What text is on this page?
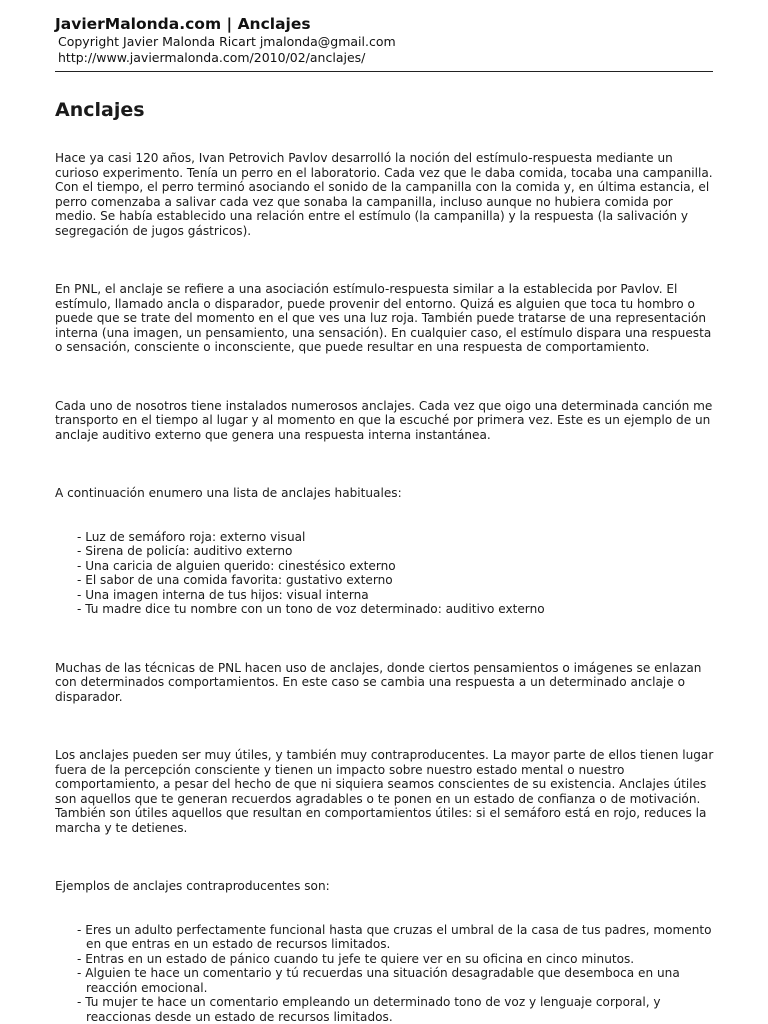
JavierMalonda.com | Anclajes
Copyright Javier Malonda Ricart jmalonda@gmail.com
http://www.javiermalonda.com/2010/02/anclajes/
Anclajes

Hace ya casi 120 años, Ivan Petrovich Pavlov desarrolló la noción del estímulo-respuesta mediante un curioso experimento. Tenía un perro en el laboratorio. Cada vez que le daba comida, tocaba una campanilla. Con el tiempo, el perro terminó asociando el sonido de la campanilla con la comida y, en última estancia, el perro comenzaba a salivar cada vez que sonaba la campanilla, incluso aunque no hubiera comida por medio. Se había establecido una relación entre el estímulo (la campanilla) y la respuesta (la salivación y segregación de jugos gástricos).

En PNL, el anclaje se refiere a una asociación estímulo-respuesta similar a la establecida por Pavlov. El estímulo, llamado ancla o disparador, puede provenir del entorno. Quizá es alguien que toca tu hombro o puede que se trate del momento en el que ves una luz roja. También puede tratarse de una representación interna (una imagen, un pensamiento, una sensación). En cualquier caso, el estímulo dispara una respuesta o sensación, consciente o inconsciente, que puede resultar en una respuesta de comportamiento.

Cada uno de nosotros tiene instalados numerosos anclajes. Cada vez que oigo una determinada canción me transporto en el tiempo al lugar y al momento en que la escuché por primera vez. Este es un ejemplo de un anclaje auditivo externo que genera una respuesta interna instantánea.

A continuación enumero una lista de anclajes habituales:

- Luz de semáforo roja: externo visual
- Sirena de policía: auditivo externo
- Una caricia de alguien querido: cinestésico externo
- El sabor de una comida favorita: gustativo externo
- Una imagen interna de tus hijos: visual interna
- Tu madre dice tu nombre con un tono de voz determinado: auditivo externo

Muchas de las técnicas de PNL hacen uso de anclajes, donde ciertos pensamientos o imágenes se enlazan con determinados comportamientos. En este caso se cambia una respuesta a un determinado anclaje o disparador.

Los anclajes pueden ser muy útiles, y también muy contraproducentes. La mayor parte de ellos tienen lugar fuera de la percepción consciente y tienen un impacto sobre nuestro estado mental o nuestro comportamiento, a pesar del hecho de que ni siquiera seamos conscientes de su existencia. Anclajes útiles son aquellos que te generan recuerdos agradables o te ponen en un estado de confianza o de motivación. También son útiles aquellos que resultan en comportamientos útiles: si el semáforo está en rojo, reduces la marcha y te detienes.

Ejemplos de anclajes contraproducentes son:

- Eres un adulto perfectamente funcional hasta que cruzas el umbral de la casa de tus padres, momento en que entras en un estado de recursos limitados.
- Entras en un estado de pánico cuando tu jefe te quiere ver en su oficina en cinco minutos.
- Alguien te hace un comentario y tú recuerdas una situación desagradable que desemboca en una reacción emocional.
- Tu mujer te hace un comentario empleando un determinado tono de voz y lenguaje corporal, y reaccionas desde un estado de recursos limitados.
